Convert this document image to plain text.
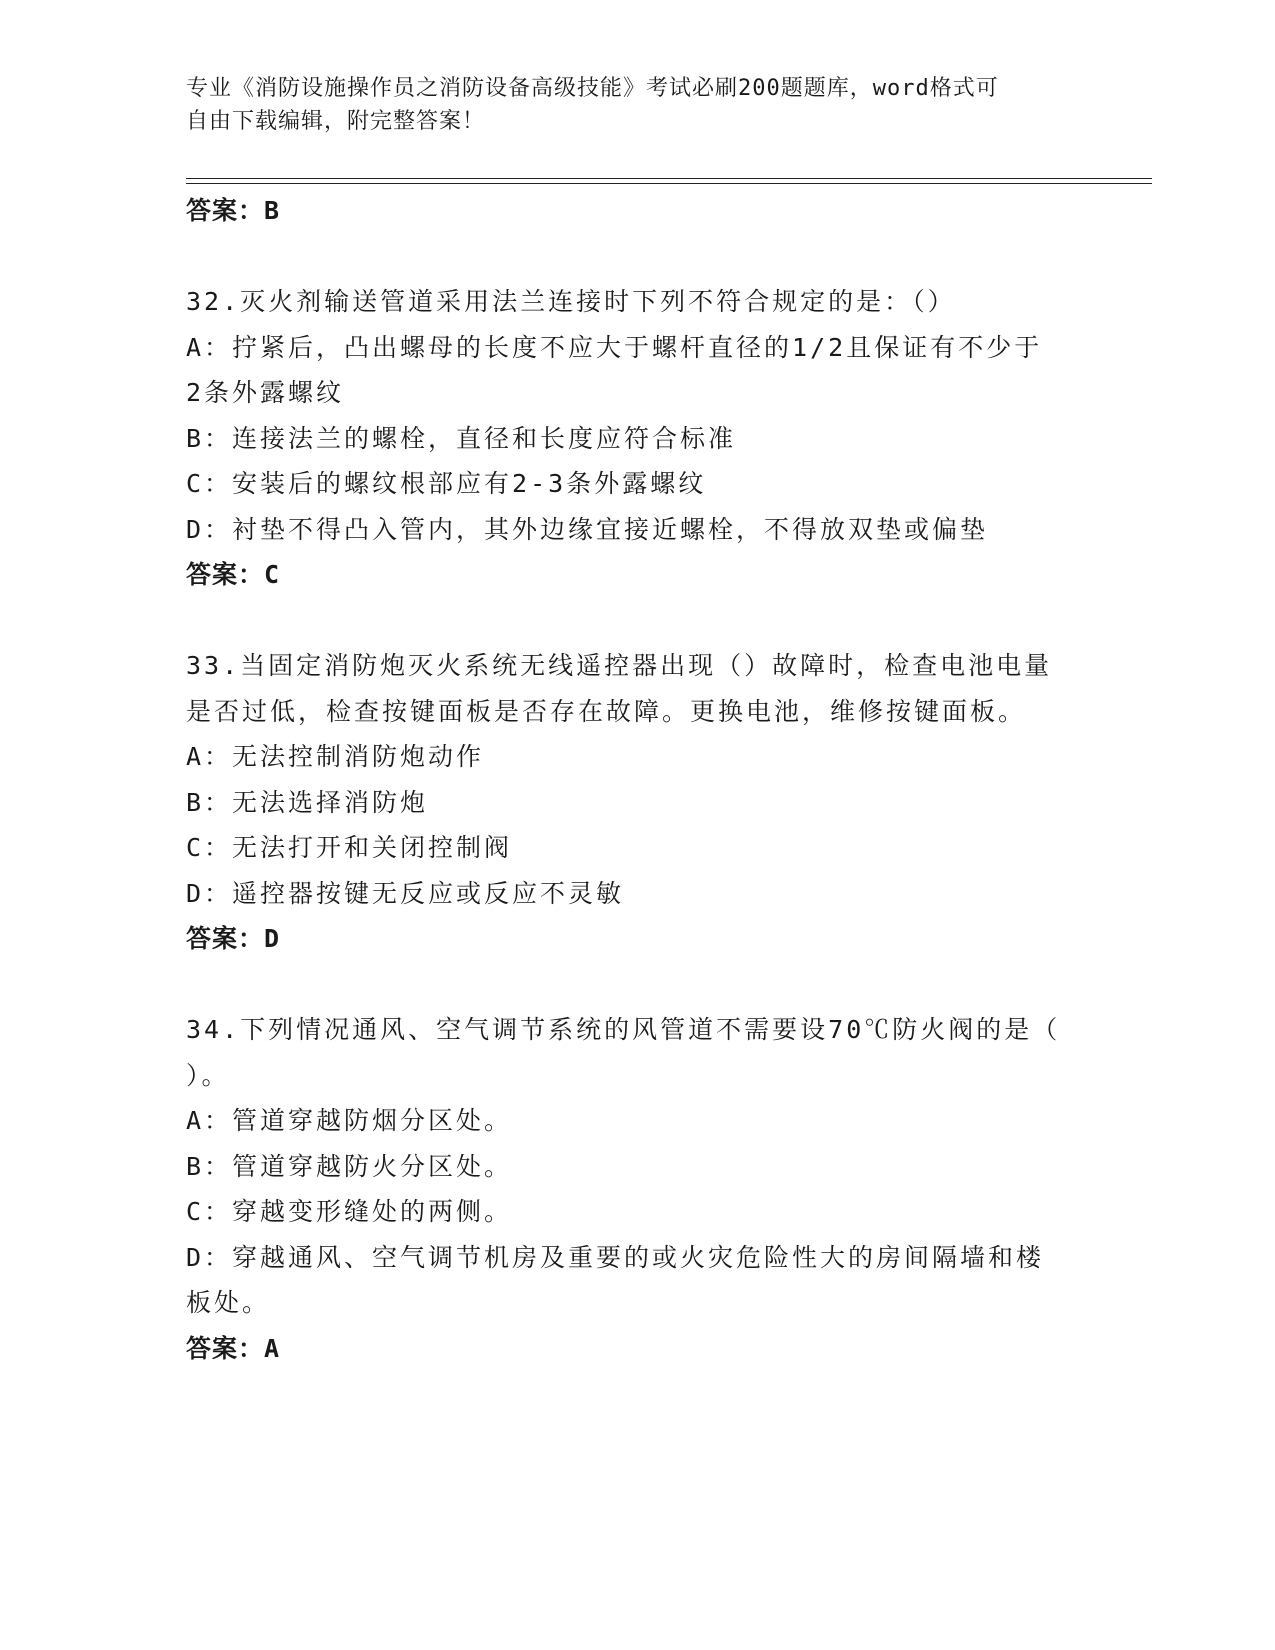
专业《消防设施操作员之消防设备高级技能》考试必刷200题题库，word格式可
自由下载编辑，附完整答案！
答案：B
32.灭火剂输送管道采用法兰连接时下列不符合规定的是：（）
A：拧紧后，凸出螺母的长度不应大于螺杆直径的1/2且保证有不少于
2条外露螺纹
B：连接法兰的螺栓，直径和长度应符合标准
C：安装后的螺纹根部应有2-3条外露螺纹
D：衬垫不得凸入管内，其外边缘宜接近螺栓，不得放双垫或偏垫
答案：C
33.当固定消防炮灭火系统无线遥控器出现（）故障时，检查电池电量
是否过低，检查按键面板是否存在故障。更换电池，维修按键面板。
A：无法控制消防炮动作
B：无法选择消防炮
C：无法打开和关闭控制阀
D：遥控器按键无反应或反应不灵敏
答案：D
34.下列情况通风、空气调节系统的风管道不需要设70℃防火阀的是（
）。
A：管道穿越防烟分区处。
B：管道穿越防火分区处。
C：穿越变形缝处的两侧。
D：穿越通风、空气调节机房及重要的或火灾危险性大的房间隔墙和楼
板处。
答案：A
